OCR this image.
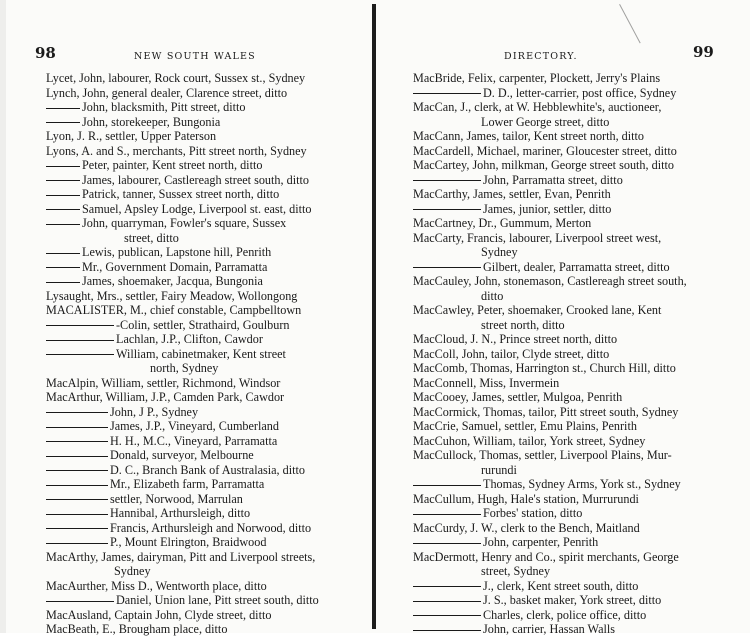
98	NEW SOUTH WALES
Lycet, John, labourer, Rock court, Sussex st., Sydney
Lynch, John, general dealer, Clarence street, ditto
John, blacksmith, Pitt street, ditto
John, storekeeper, Bungonia
Lyon, J. R., settler, Upper Paterson
Lyons, A. and S., merchants, Pitt street north, Sydney
Peter, painter, Kent street north, ditto
James, labourer, Castlereagh street south, ditto
Patrick, tanner, Sussex street north, ditto
Samuel, Apsley Lodge, Liverpool st. east, ditto
John, quarryman, Fowler's square, Sussex
street, ditto
Lewis, publican, Lapstone hill, Penrith
Mr., Government Domain, Parramatta
James, shoemaker, Jacqua, Bungonia
Lysaught, Mrs., settler, Fairy Meadow, Wollongong
MACALISTER, M., chief constable, Campbelltown
-Colin, settler, Strathaird, Goulburn
Lachlan, J.P., Clifton, Cawdor
William, cabinetmaker, Kent street
north, Sydney
MacAlpin, William, settler, Richmond, Windsor
MacArthur, William, J.P., Camden Park, Cawdor
John, J P., Sydney
James, J.P., Vineyard, Cumberland
H. H., M.C., Vineyard, Parramatta
Donald, surveyor, Melbourne
D. C., Branch Bank of Australasia, ditto
Mr., Elizabeth farm, Parramatta
settler, Norwood, Marrulan
Hannibal, Arthursleigh, ditto
Francis, Arthursleigh and Norwood, ditto
P., Mount Elrington, Braidwood
MacArthy, James, dairyman, Pitt and Liverpool streets,
Sydney
MacAurther, Miss D., Wentworth place, ditto
Daniel, Union lane, Pitt street south, ditto
MacAusland, Captain John, Clyde street, ditto
MacBeath, E., Brougham place, ditto
DIRECTORY.	99
MacBride, Felix, carpenter, Plockett, Jerry's Plains
D. D., letter-carrier, post office, Sydney
MacCan, J., clerk, at W. Hebblewhite's, auctioneer,
Lower George street, ditto
MacCann, James, tailor, Kent street north, ditto
MacCardell, Michael, mariner, Gloucester street, ditto
MacCartey, John, milkman, George street south, ditto
John, Parramatta street, ditto
MacCarthy, James, settler, Evan, Penrith
James, junior, settler, ditto
MacCartney, Dr., Gummum, Merton
MacCarty, Francis, labourer, Liverpool street west,
Sydney
Gilbert, dealer, Parramatta street, ditto
MacCauley, John, stonemason, Castlereagh street south,
ditto
MacCawley, Peter, shoemaker, Crooked lane, Kent
street north, ditto
MacCloud, J. N., Prince street north, ditto
MacColl, John, tailor, Clyde street, ditto
MacComb, Thomas, Harrington st., Church Hill, ditto
MacConnell, Miss, Invermein
MacCooey, James, settler, Mulgoa, Penrith
MacCormick, Thomas, tailor, Pitt street south, Sydney
MacCrie, Samuel, settler, Emu Plains, Penrith
MacCuhon, William, tailor, York street, Sydney
MacCullock, Thomas, settler, Liverpool Plains, Mur-
rurundi
Thomas, Sydney Arms, York st., Sydney
MacCullum, Hugh, Hale's station, Murrurundi
Forbes' station, ditto
MacCurdy, J. W., clerk to the Bench, Maitland
John, carpenter, Penrith
MacDermott, Henry and Co., spirit merchants, George
street, Sydney
J., clerk, Kent street south, ditto
J. S., basket maker, York street, ditto
Charles, clerk, police office, ditto
John, carrier, Hassan Walls
